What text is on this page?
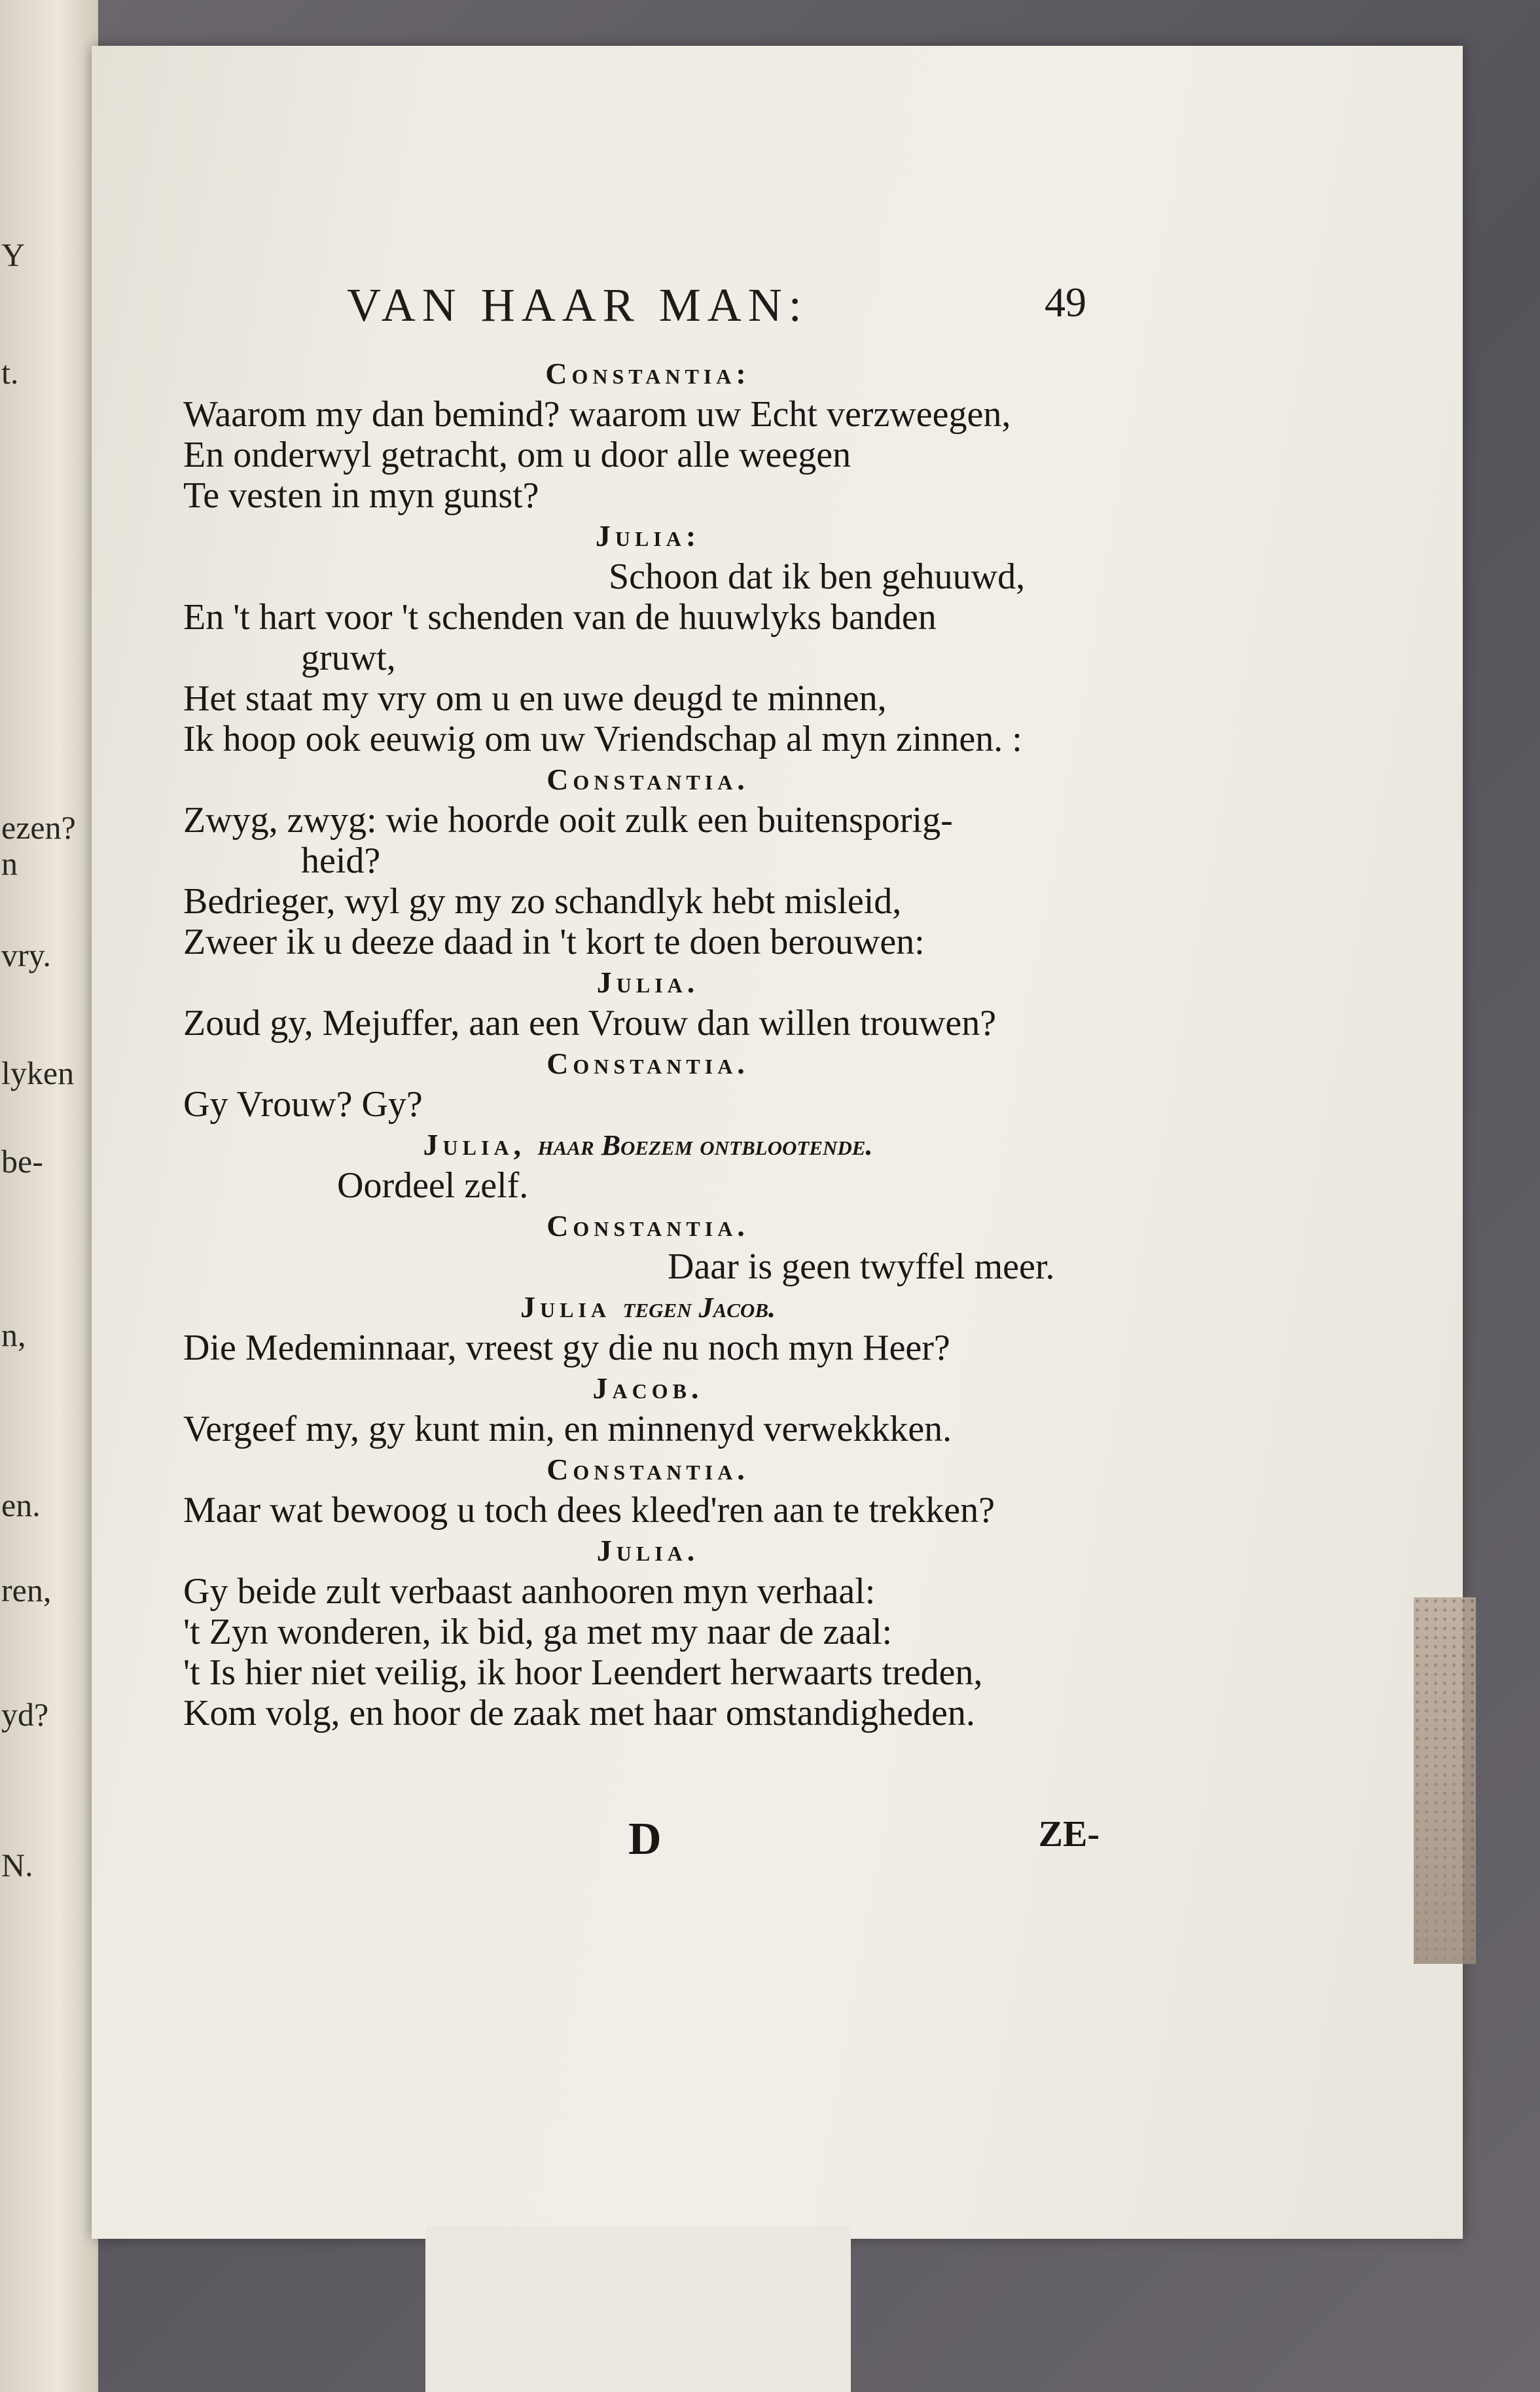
Y
t.
ezen?
n
vry.
lyken
be-
n,
en.
ren,
yd?
N.
VAN HAAR MAN:	49
Constantia:
Waarom my dan bemind? waarom uw Echt verzweegen,
En onderwyl getracht, om u door alle weegen
Te vesten in myn gunst?
Julia:
Schoon dat ik ben gehuuwd,
En 't hart voor 't schenden van de huuwlyks banden
gruwt,
Het staat my vry om u en uwe deugd te minnen,
Ik hoop ook eeuwig om uw Vriendschap al myn zinnen. :
Constantia.
Zwyg, zwyg: wie hoorde ooit zulk een buitensporig-
heid?
Bedrieger, wyl gy my zo schandlyk hebt misleid,
Zweer ik u deeze daad in 't kort te doen berouwen:
Julia.
Zoud gy, Mejuffer, aan een Vrouw dan willen trouwen?
Constantia.
Gy Vrouw? Gy?
Julia, haar Boezem ontblootende.
Oordeel zelf.
Constantia.
Daar is geen twyffel meer.
Julia tegen Jacob.
Die Medeminnaar, vreest gy die nu noch myn Heer?
Jacob.
Vergeef my, gy kunt min, en minnenyd verwekkken.
Constantia.
Maar wat bewoog u toch dees kleed'ren aan te trekken?
Julia.
Gy beide zult verbaast aanhooren myn verhaal:
't Zyn wonderen, ik bid, ga met my naar de zaal:
't Is hier niet veilig, ik hoor Leendert herwaarts treden,
Kom volg, en hoor de zaak met haar omstandigheden.
D	ZE-
